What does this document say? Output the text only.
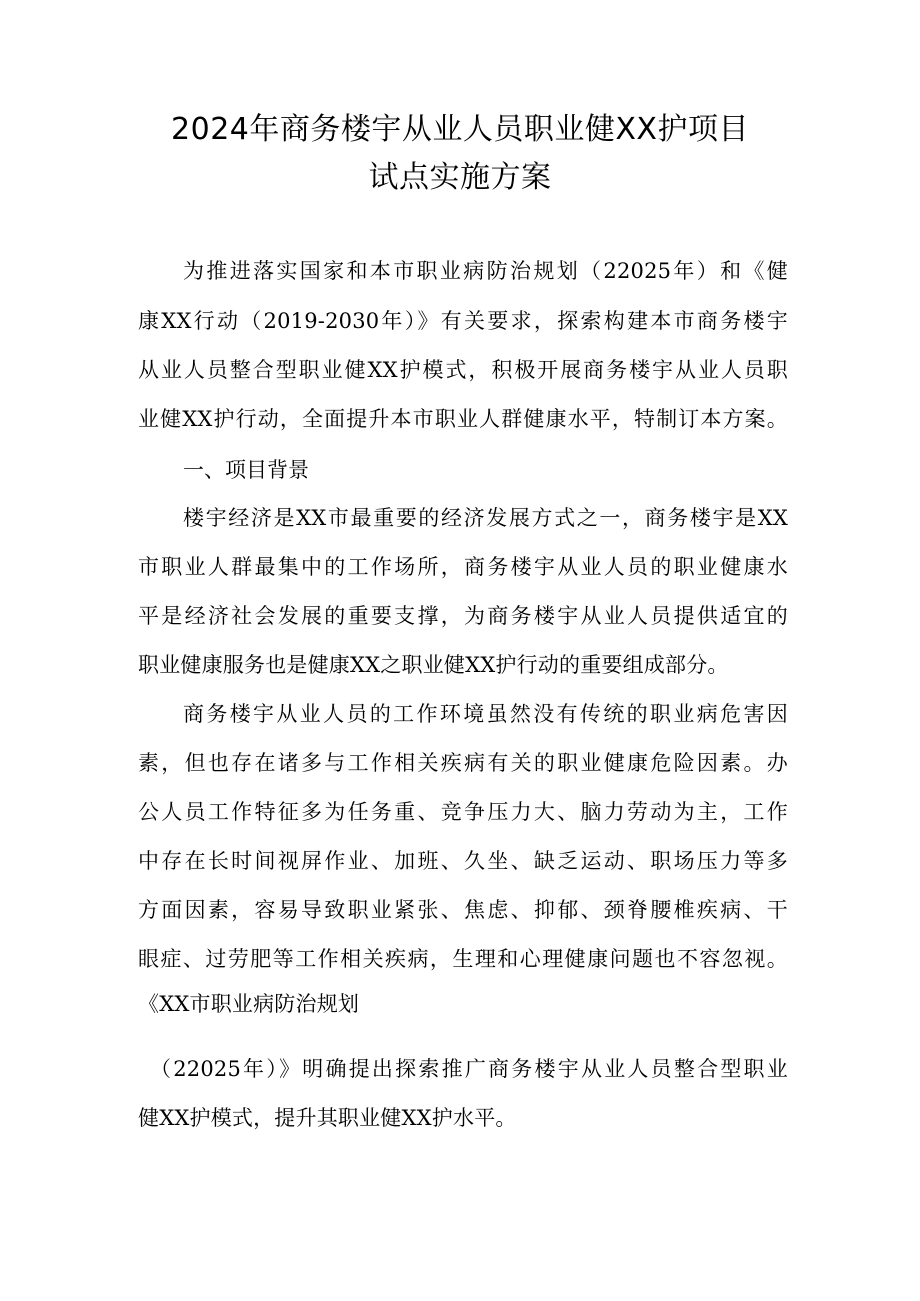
2024年商务楼宇从业人员职业健XX护项目
试点实施方案
为推进落实国家和本市职业病防治规划（22025年）和《健
康XX行动（2019-2030年）》有关要求，探索构建本市商务楼宇
从业人员整合型职业健XX护模式，积极开展商务楼宇从业人员职
业健XX护行动，全面提升本市职业人群健康水平，特制订本方案。
一、项目背景
楼宇经济是XX市最重要的经济发展方式之一，商务楼宇是XX
市职业人群最集中的工作场所，商务楼宇从业人员的职业健康水
平是经济社会发展的重要支撑，为商务楼宇从业人员提供适宜的
职业健康服务也是健康XX之职业健XX护行动的重要组成部分。
商务楼宇从业人员的工作环境虽然没有传统的职业病危害因
素，但也存在诸多与工作相关疾病有关的职业健康危险因素。办
公人员工作特征多为任务重、竞争压力大、脑力劳动为主，工作
中存在长时间视屏作业、加班、久坐、缺乏运动、职场压力等多
方面因素，容易导致职业紧张、焦虑、抑郁、颈脊腰椎疾病、干
眼症、过劳肥等工作相关疾病，生理和心理健康问题也不容忽视。
《XX市职业病防治规划
（22025年）》明确提出探索推广商务楼宇从业人员整合型职业
健XX护模式，提升其职业健XX护水平。
